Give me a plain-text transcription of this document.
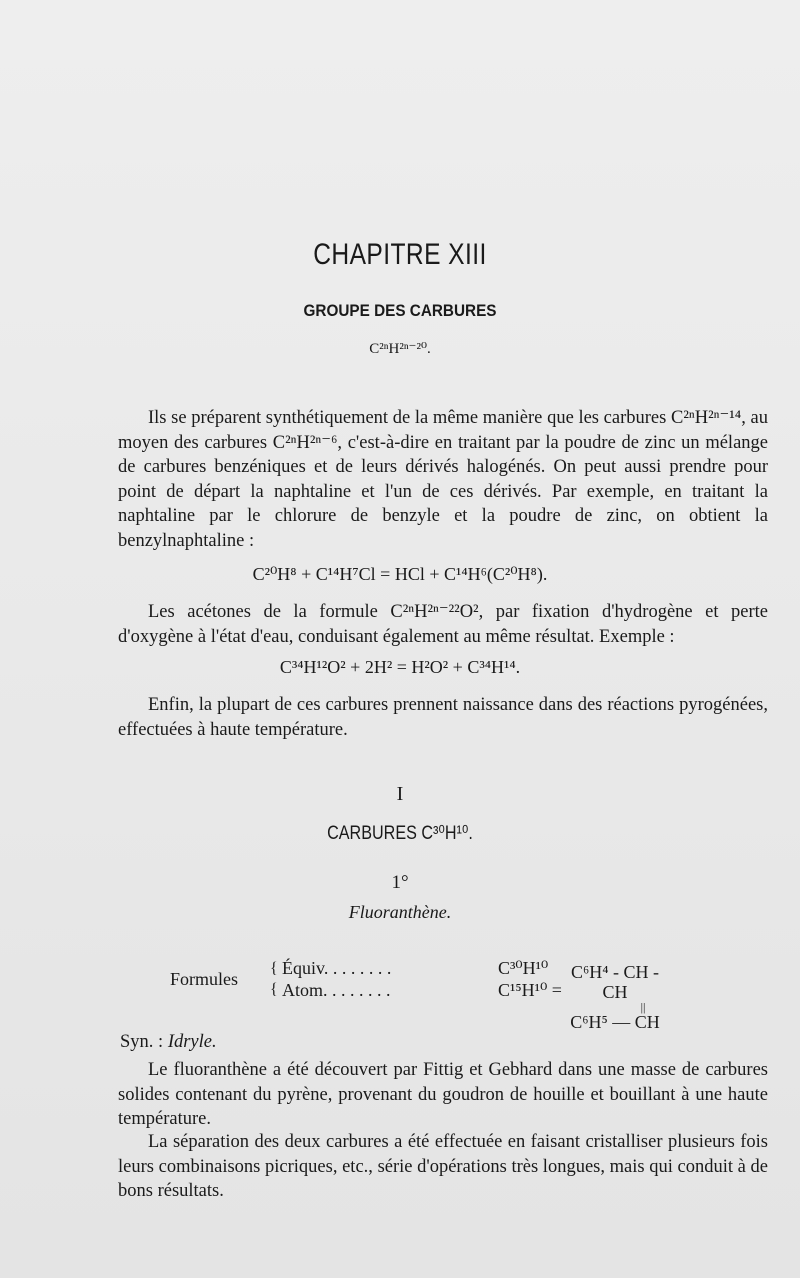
CHAPITRE XIII
GROUPE DES CARBURES
C²ⁿH²ⁿ⁻²⁰.
Ils se préparent synthétiquement de la même manière que les carbures C²ⁿH²ⁿ⁻¹⁴, au moyen des carbures C²ⁿH²ⁿ⁻⁶, c'est-à-dire en traitant par la poudre de zinc un mélange de carbures benzéniques et de leurs dérivés halogénés. On peut aussi prendre pour point de départ la naphtaline et l'un de ces dérivés. Par exemple, en traitant la naphtaline par le chlorure de benzyle et la poudre de zinc, on obtient la benzylnaphtaline :
C²⁰H⁸ + C¹⁴H⁷Cl = HCl + C¹⁴H⁶(C²⁰H⁸).
Les acétones de la formule C²ⁿH²ⁿ⁻²²O², par fixation d'hydrogène et perte d'oxygène à l'état d'eau, conduisant également au même résultat. Exemple :
C³⁴H¹²O² + 2H² = H²O² + C³⁴H¹⁴.
Enfin, la plupart de ces carbures prennent naissance dans des réactions pyrogénées, effectuées à haute température.
I
CARBURES C³⁰H¹⁰.
1°
Fluoranthène.
Formules
{
{
Équiv. . . . . . . .	C³⁰H¹⁰
Atom. . . . . . . .	C¹⁵H¹⁰ =
C⁶H⁴ - CH - CH
||
C⁶H⁵ — CH
Syn. : Idryle.
Le fluoranthène a été découvert par Fittig et Gebhard dans une masse de carbures solides contenant du pyrène, provenant du goudron de houille et bouillant à une haute température.
La séparation des deux carbures a été effectuée en faisant cristalliser plusieurs fois leurs combinaisons picriques, etc., série d'opérations très longues, mais qui conduit à de bons résultats.
